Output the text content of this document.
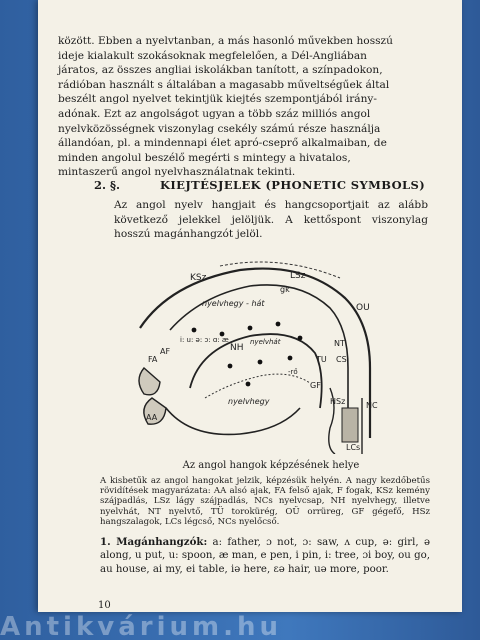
között. Ebben a nyelvtanban, a más hasonló művekben hosszú

ideje kialakult szokásoknak megfelelően, a Dél-Angliában

járatos, az összes angliai iskolákban tanított, a színpadokon,

rádióban használt s általában a magasabb műveltségűek által

beszélt angol nyelvet tekintjük kiejtés szempontjából irány-

adónak. Ezt az angolságot ugyan a több száz milliós angol

nyelvközösségnek viszonylag csekély számú része használja

állandóan, pl. a mindennapi élet apró-cseprő alkalmaiban, de

minden angolul beszélő megérti s mintegy a hivatalos,

mintaszerű angol nyelvhasználatnak tekinti.

2. §.	KIEJTÉSJELEK (PHONETIC SYMBOLS)
Az angol nyelv hangjait és hangcsoportjait az alább következő jelekkel jelöljük. A kettőspont viszonylag hosszú magánhangzót jelöl.
KSz	LSz
gk
nyelvhegy - hát	OU
NH	NT
TU CS
FA
AF
AA
nyelvhegy
GF
HSz	NC
LCs
nyelvhát
-rő
i: u: ə: ɔ: ɑ: æ
Az angol hangok képzésének helye
A kisbetűk az angol hangokat jelzik, képzésük helyén. A nagy kezdőbetűs rövidítések magyarázata: AA alsó ajak, FA felső ajak, F fogak, KSz kemény szájpadlás, LSz lágy szájpadlás, NCs nyelvcsap, NH nyelvhegy, illetve nyelvhát, NT nyelvtő, TÜ torokürég, OÜ orrüreg, GF gégefő, HSz hangszalagok, LCs légcső, NCs nyelőcső.
1. Magánhangzók: a: father, ɔ not, ɔ: saw, ʌ cup, ə: girl, ə along, u put, u: spoon, æ man, e pen, i pin, i: tree, ɔi boy, ou go, au house, ai my, ei table, iə here, ɛə hair, uə more, poor.
10
Antikvárium.hu
